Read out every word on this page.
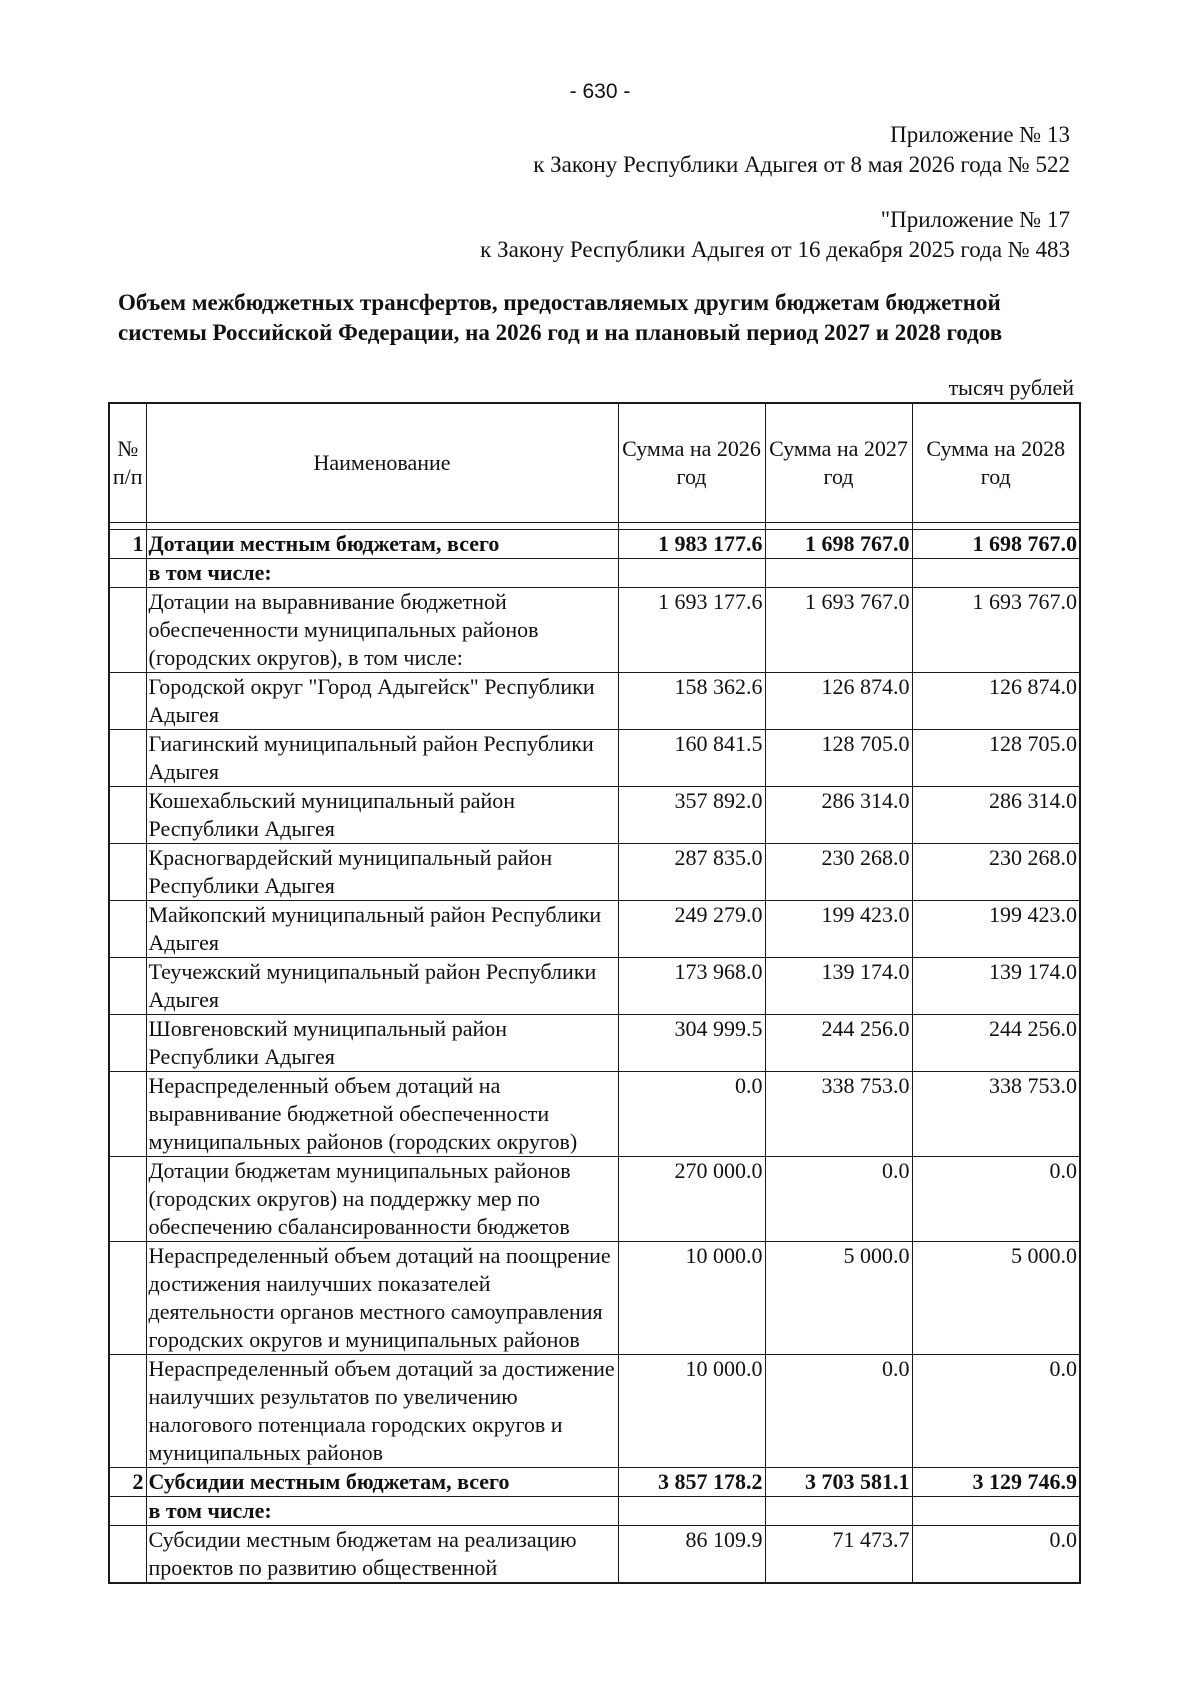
- 630 -
Приложение № 13
к Закону Республики Адыгея от 8 мая 2026 года № 522
"Приложение № 17
к Закону Республики Адыгея от 16 декабря 2025 года № 483
Объем межбюджетных трансфертов, предоставляемых другим бюджетам бюджетной
системы Российской Федерации, на 2026 год и на плановый период 2027 и 2028 годов
тысяч рублей
№ п/п	Наименование	Сумма на 2026 год	Сумма на 2027 год	Сумма на 2028 год

1	Дотации местным бюджетам, всего	1 983 177.6	1 698 767.0	1 698 767.0
	в том числе:			
	Дотации на выравнивание бюджетной обеспеченности муниципальных районов (городских округов), в том числе:	1 693 177.6	1 693 767.0	1 693 767.0
	Городской округ "Город Адыгейск" Республики Адыгея	158 362.6	126 874.0	126 874.0
	Гиагинский муниципальный район Республики Адыгея	160 841.5	128 705.0	128 705.0
	Кошехабльский муниципальный район Республики Адыгея	357 892.0	286 314.0	286 314.0
	Красногвардейский муниципальный район Республики Адыгея	287 835.0	230 268.0	230 268.0
	Майкопский муниципальный район Республики Адыгея	249 279.0	199 423.0	199 423.0
	Теучежский муниципальный район Республики Адыгея	173 968.0	139 174.0	139 174.0
	Шовгеновский муниципальный район Республики Адыгея	304 999.5	244 256.0	244 256.0
	Нераспределенный объем дотаций на выравнивание бюджетной обеспеченности муниципальных районов (городских округов)	0.0	338 753.0	338 753.0
	Дотации бюджетам муниципальных районов (городских округов) на поддержку мер по обеспечению сбалансированности бюджетов	270 000.0	0.0	0.0
	Нераспределенный объем дотаций на поощрение достижения наилучших показателей деятельности органов местного самоуправления городских округов и муниципальных районов	10 000.0	5 000.0	5 000.0
	Нераспределенный объем дотаций за достижение наилучших результатов по увеличению налогового потенциала городских округов и муниципальных районов	10 000.0	0.0	0.0
2	Субсидии местным бюджетам, всего	3 857 178.2	3 703 581.1	3 129 746.9
	в том числе:			
	Субсидии местным бюджетам на реализацию проектов по развитию общественной	86 109.9	71 473.7	0.0
